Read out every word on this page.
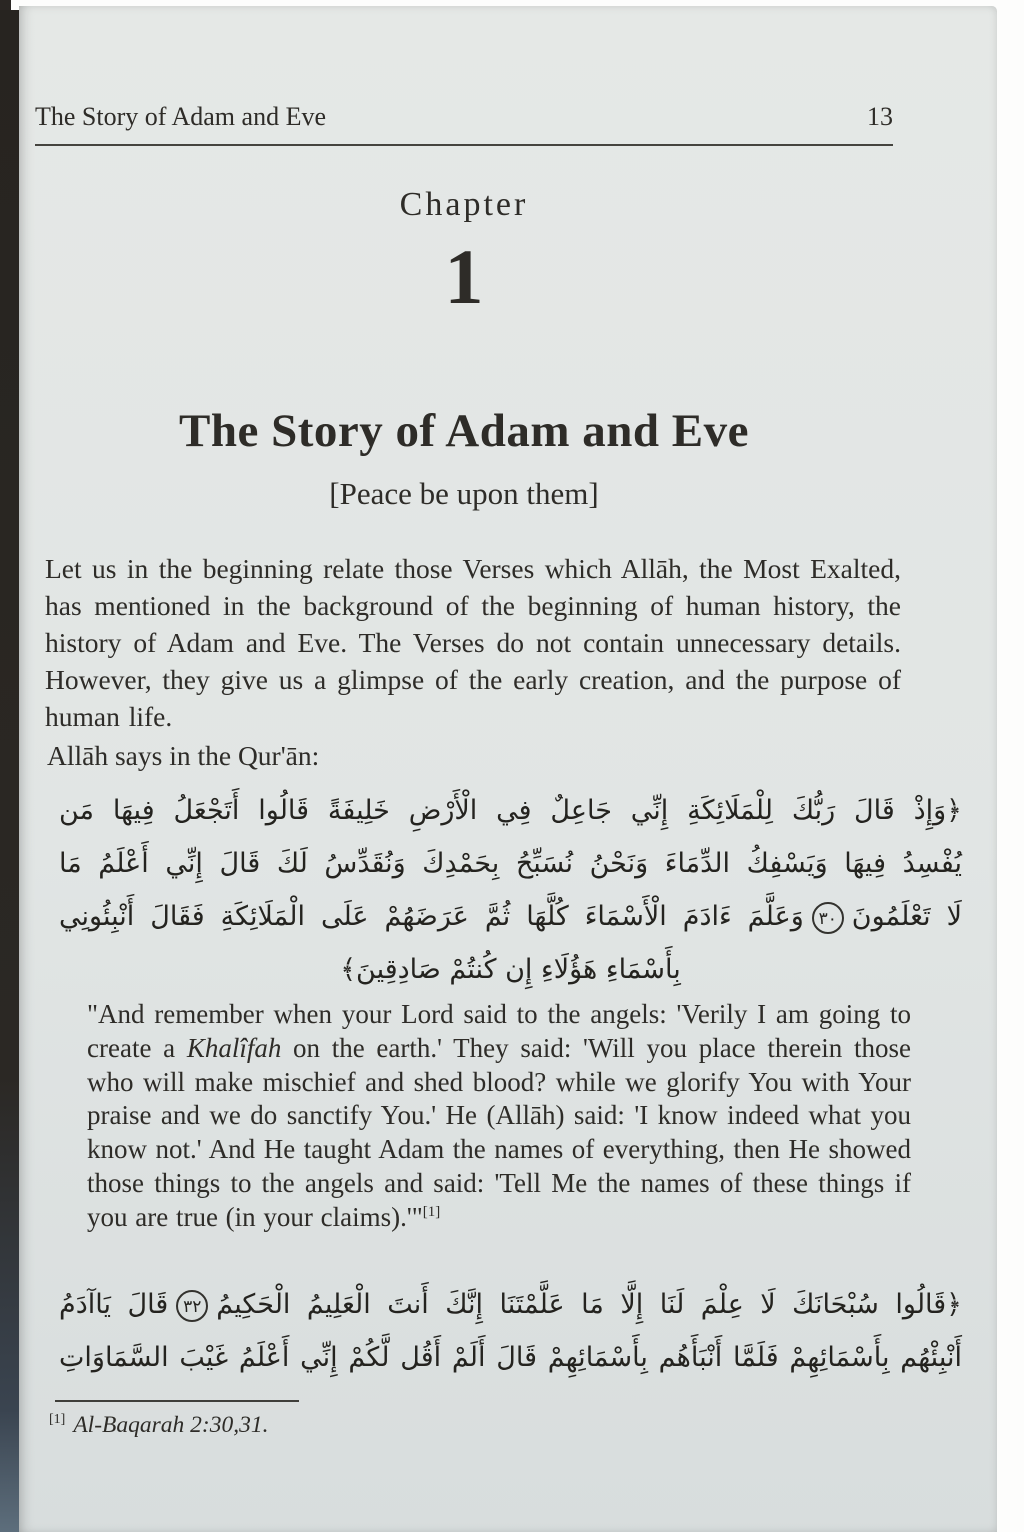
The Story of Adam and Eve	13
Chapter
1
The Story of Adam and Eve
[Peace be upon them]
Let us in the beginning relate those Verses which Allāh, the Most Exalted, has mentioned in the background of the beginning of human history, the history of Adam and Eve. The Verses do not contain unnecessary details. However, they give us a glimpse of the early creation, and the purpose of human life.
Allāh says in the Qur'ān:
﴿وَإِذْ قَالَ رَبُّكَ لِلْمَلَائِكَةِ إِنِّي جَاعِلٌ فِي الْأَرْضِ خَلِيفَةً قَالُوا أَتَجْعَلُ فِيهَا مَن
يُفْسِدُ فِيهَا وَيَسْفِكُ الدِّمَاءَ وَنَحْنُ نُسَبِّحُ بِحَمْدِكَ وَنُقَدِّسُ لَكَ قَالَ إِنِّي أَعْلَمُ مَا
لَا تَعْلَمُونَ٣٠وَعَلَّمَ ءَادَمَ الْأَسْمَاءَ كُلَّهَا ثُمَّ عَرَضَهُمْ عَلَى الْمَلَائِكَةِ فَقَالَ أَنْبِئُونِي
بِأَسْمَاءِ هَؤُلَاءِ إِن كُنتُمْ صَادِقِينَ﴾
"And remember when your Lord said to the angels: 'Verily I am going to create a Khalîfah on the earth.' They said: 'Will you place therein those who will make mischief and shed blood? while we glorify You with Your praise and we do sanctify You.' He (Allāh) said: 'I know indeed what you know not.' And He taught Adam the names of everything, then He showed those things to the angels and said: 'Tell Me the names of these things if you are true (in your claims).'"[1]
﴿قَالُوا سُبْحَانَكَ لَا عِلْمَ لَنَا إِلَّا مَا عَلَّمْتَنَا إِنَّكَ أَنتَ الْعَلِيمُ الْحَكِيمُ٣٢قَالَ يَاآدَمُ
أَنْبِئْهُم بِأَسْمَائِهِمْ فَلَمَّا أَنْبَأَهُم بِأَسْمَائِهِمْ قَالَ أَلَمْ أَقُل لَّكُمْ إِنِّي أَعْلَمُ غَيْبَ السَّمَاوَاتِ
[1] Al-Baqarah 2:30,31.
